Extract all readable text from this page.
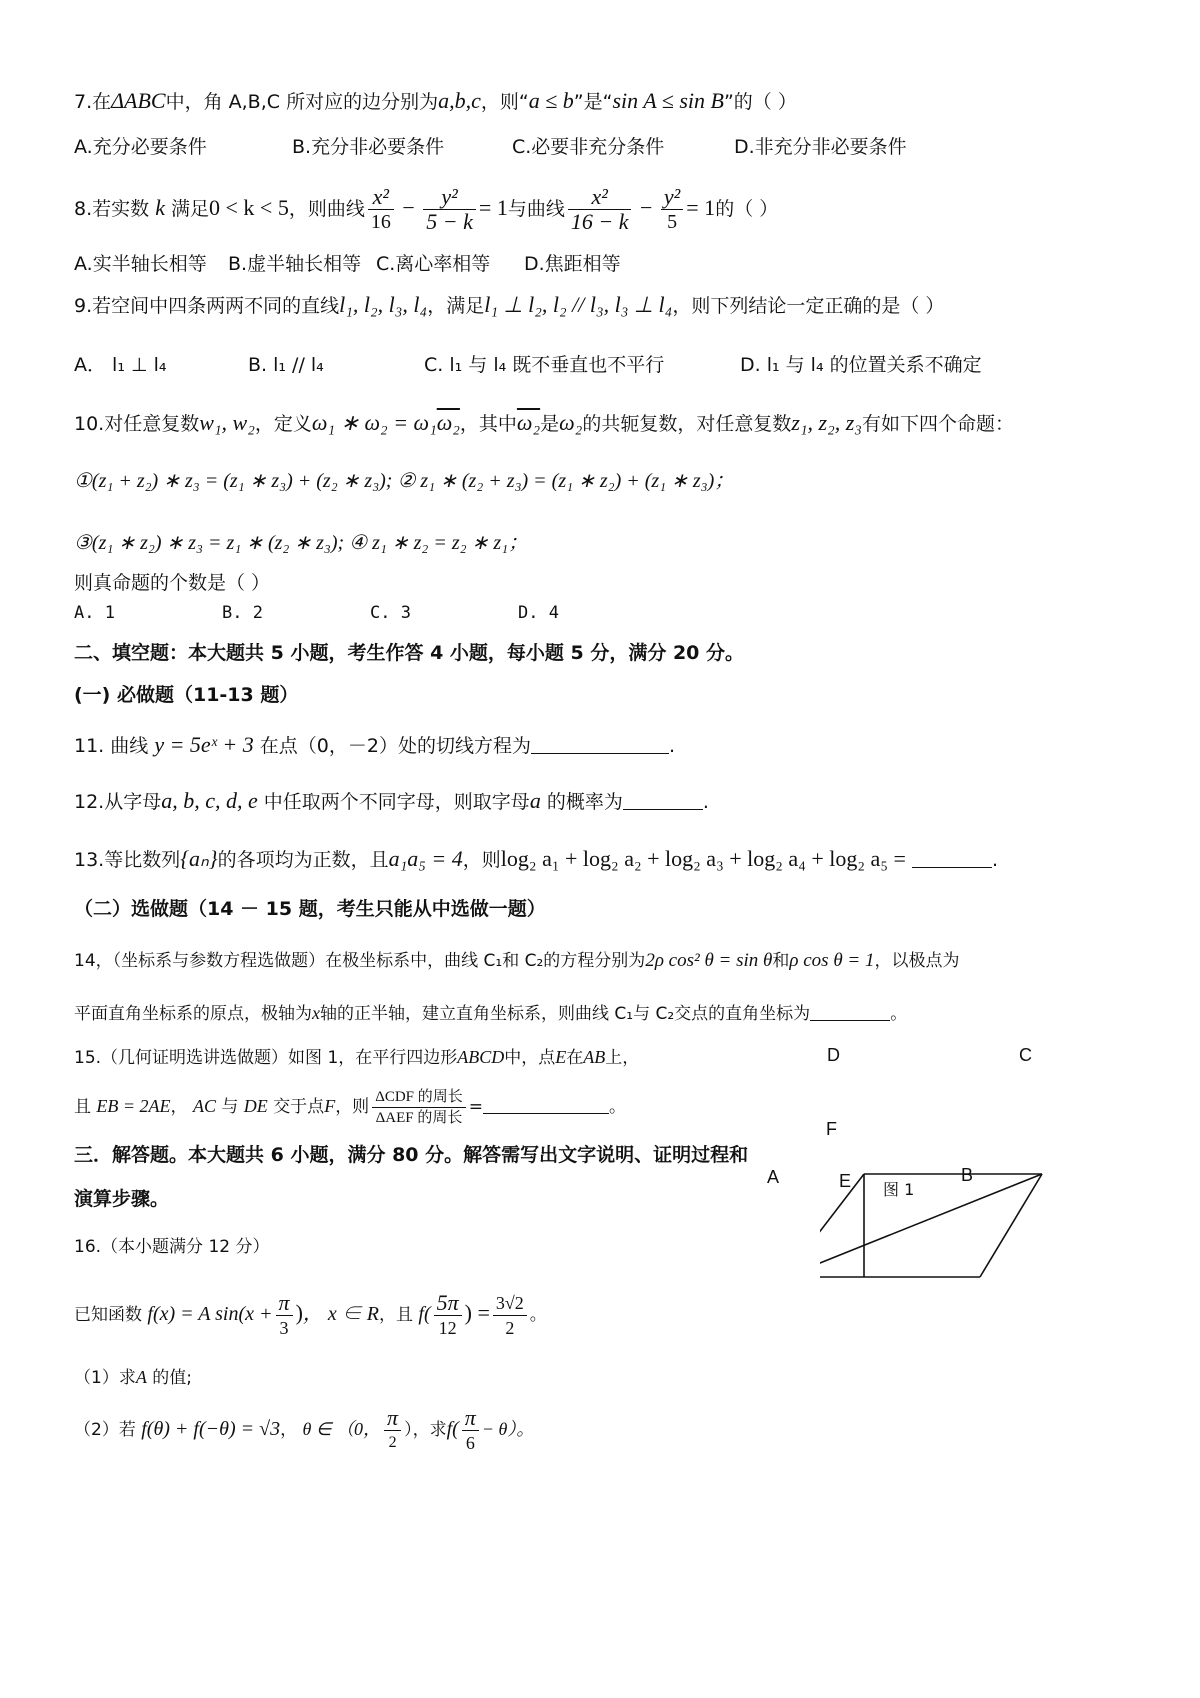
7.在ΔABC中，角 A,B,C 所对应的边分别为a,b,c，则“a ≤ b”是“sin A ≤ sin B”的（ ）
A.充分必要条件	B.充分非必要条件	C.必要非充分条件	D.非充分非必要条件
8.若实数 k 满足0 < k < 5，则曲线 $\frac{\text{x²}}{16} - \frac{\text{y²}}{5 - k} = 1$与曲线 $\frac{\text{x²}}{16 - k} - \frac{\text{y²}}{5} = 1$的（ ）
A.实半轴长相等 B.虚半轴长相等 C.离心率相等 D.焦距相等
9.若空间中四条两两不同的直线l₁, l₂, l₃, l₄，满足l₁ ⊥ l₂, l₂ // l₃, l₃ ⊥ l₄，则下列结论一定正确的是（ ）
A． l₁ ⊥ l₄	B. l₁ // l₄	C. l₁ 与 l₄ 既不垂直也不平行	D. l₁ 与 l₄ 的位置关系不确定
10.对任意复数w₁, w₂，定义ω₁ ∗ ω₂ = ω₁ω₂，其中ω₂是ω₂的共轭复数，对任意复数z₁, z₂, z₃有如下四个命题：
①(z₁ + z₂) ∗ z₃ = (z₁ ∗ z₃) + (z₂ ∗ z₃); ② z₁ ∗ (z₂ + z₃) = (z₁ ∗ z₂) + (z₁ ∗ z₃)；
③(z₁ ∗ z₂) ∗ z₃ = z₁ ∗ (z₂ ∗ z₃); ④ z₁ ∗ z₂ = z₂ ∗ z₁；
则真命题的个数是（ ）
A. 1	B. 2	C. 3	D. 4
二、填空题：本大题共 5 小题，考生作答 4 小题，每小题 5 分，满分 20 分。
(一) 必做题（11-13 题）
11. 曲线 y = 5eˣ + 3 在点（0，－2）处的切线方程为	.
12.从字母a, b, c, d, e 中任取两个不同字母，则取字母a 的概率为	.
13.等比数列{aₙ}的各项均为正数，且a₁a₅ = 4，则log₂ a₁ + log₂ a₂ + log₂ a₃ + log₂ a₄ + log₂ a₅ =	.
（二）选做题（14 － 15 题，考生只能从中选做一题）
14，（坐标系与参数方程选做题）在极坐标系中，曲线 C₁和 C₂的方程分别为2ρ cos² θ = sin θ和ρ cos θ = 1，以极点为
平面直角坐标系的原点，极轴为x轴的正半轴，建立直角坐标系，则曲线 C₁与 C₂交点的直角坐标为	。
15.（几何证明选讲选做题）如图 1，在平行四边形ABCD中，点E在AB上，
且 EB = 2AE， AC 与 DE 交于点F，则 $\frac{\text{ΔCDF 的周长}}{\text{ΔAEF 的周长}}$ =	。
D	C
F
A	E	B
图 1
三．解答题。本大题共 6 小题，满分 80 分。解答需写出文字说明、证明过程和
演算步骤。
16.（本小题满分 12 分）
已知函数 f(x) = A $\sin(x + \frac{\pi}{3}$ )， x ∈ R，且 $f( \frac{5\pi}{12}$ ) = $\frac{3√2}{2}$ 。
（1）求A 的值;
（2）若 f(θ) + f(−θ) = √3， θ ∈ （0， $\frac{\pi}{2}$ ），求$f( \frac{\pi}{6} - \theta)$。
